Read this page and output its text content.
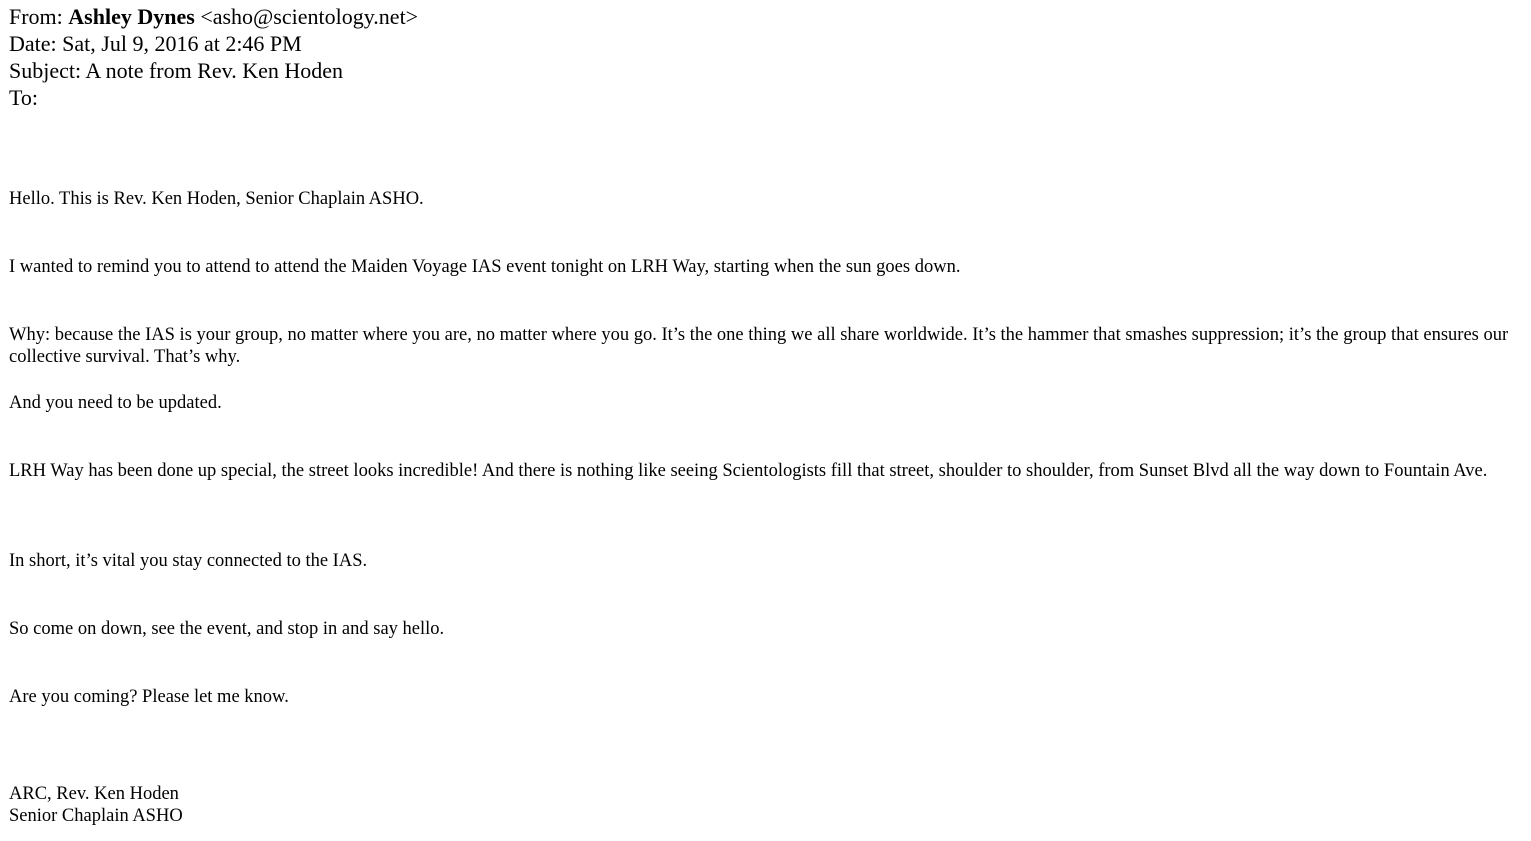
From: Ashley Dynes <asho@scientology.net>
Date: Sat, Jul 9, 2016 at 2:46 PM
Subject: A note from Rev. Ken Hoden
To:

Hello. This is Rev. Ken Hoden, Senior Chaplain ASHO.

I wanted to remind you to attend to attend the Maiden Voyage IAS event tonight on LRH Way, starting when the sun goes down.

Why: because the IAS is your group, no matter where you are, no matter where you go. It’s the one thing we all share worldwide. It’s the hammer that smashes suppression; it’s the group that ensures our collective survival. That’s why.

And you need to be updated.

LRH Way has been done up special, the street looks incredible! And there is nothing like seeing Scientologists fill that street, shoulder to shoulder, from Sunset Blvd all the way down to Fountain Ave.

In short, it’s vital you stay connected to the IAS.

So come on down, see the event, and stop in and say hello.

Are you coming? Please let me know.

ARC, Rev. Ken Hoden
Senior Chaplain ASHO
